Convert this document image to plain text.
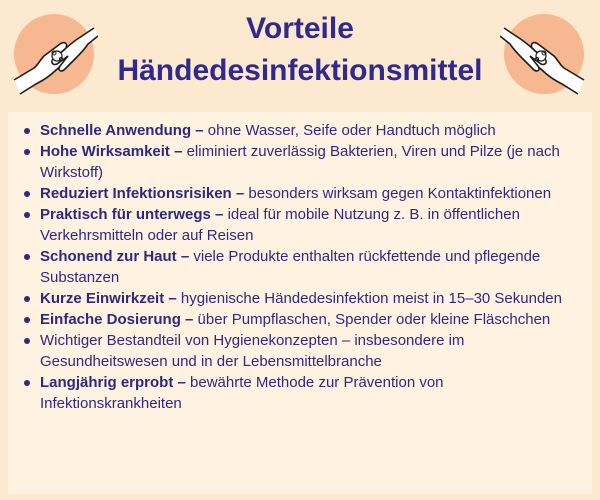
Vorteile
Händedesinfektionsmittel
Schnelle Anwendung – ohne Wasser, Seife oder Handtuch möglich
Hohe Wirksamkeit – eliminiert zuverlässig Bakterien, Viren und Pilze (je nach Wirkstoff)
Reduziert Infektionsrisiken – besonders wirksam gegen Kontaktinfektionen
Praktisch für unterwegs – ideal für mobile Nutzung z. B. in öffentlichen Verkehrsmitteln oder auf Reisen
Schonend zur Haut – viele Produkte enthalten rückfettende und pflegende Substanzen
Kurze Einwirkzeit – hygienische Händedesinfektion meist in 15–30 Sekunden
Einfache Dosierung – über Pumpflaschen, Spender oder kleine Fläschchen
Wichtiger Bestandteil von Hygienekonzepten – insbesondere im Gesundheitswesen und in der Lebensmittelbranche
Langjährig erprobt – bewährte Methode zur Prävention von Infektionskrankheiten
